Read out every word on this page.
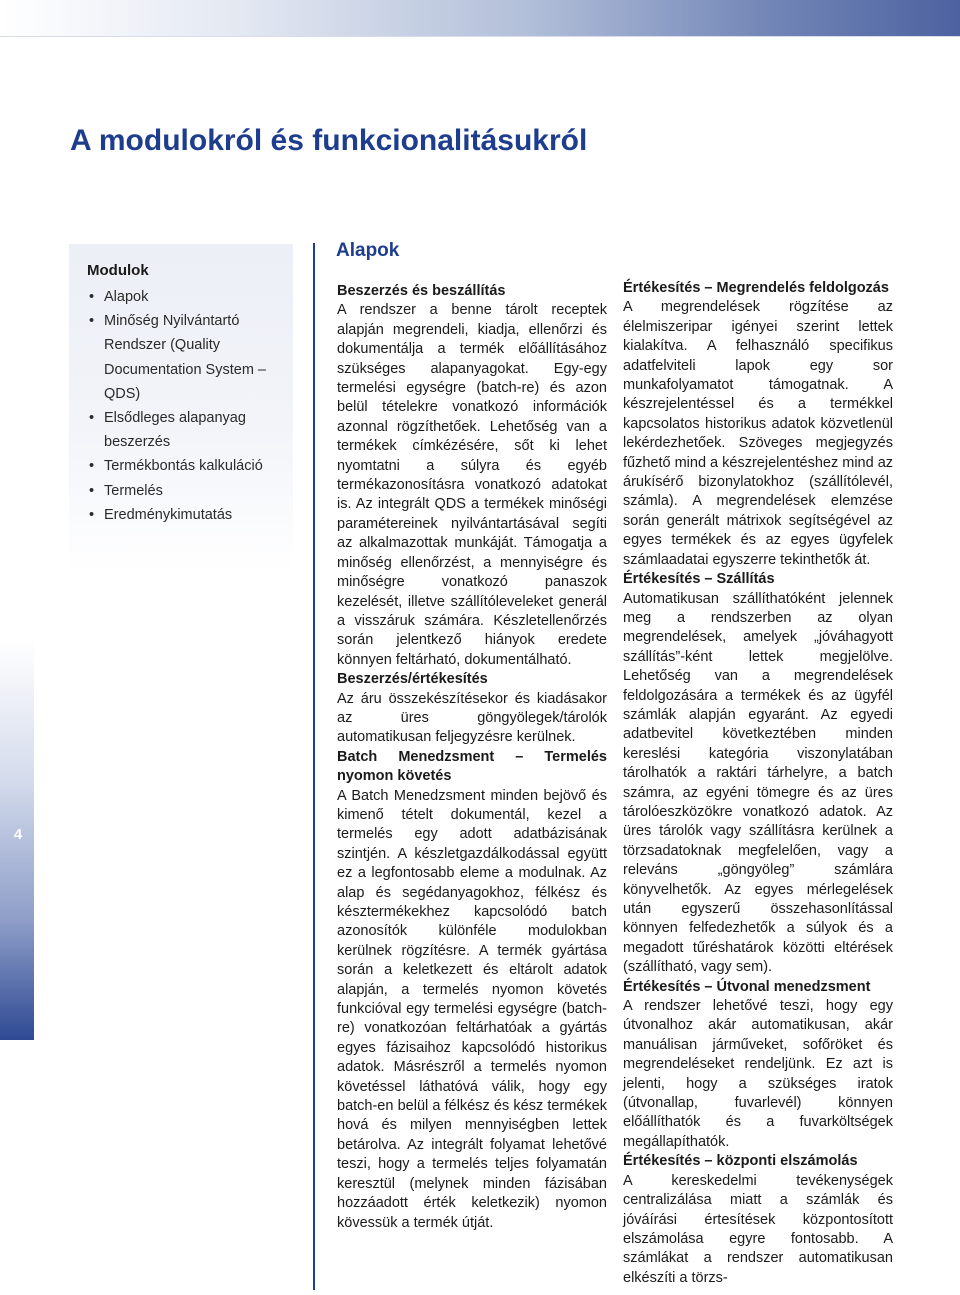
A modulokról és funkcionalitásukról
4
Modulok
• Alapok
• Minőség Nyilvántartó Rendszer (Quality Documentation System – QDS)
• Elsődleges alapanyag beszerzés
• Termékbontás kalkuláció
• Termelés
• Eredménykimutatás
Alapok

Beszerzés és beszállítás

A rendszer a benne tárolt receptek alapján megrendeli, kiadja, ellenőrzi és dokumentálja a termék előállításához szükséges alapanyagokat. Egy-egy termelési egységre (batch-re) és azon belül tételekre vonatkozó információk azonnal rögzíthetőek. Lehetőség van a termékek címkézésére, sőt ki lehet nyomtatni a súlyra és egyéb termékazonosításra vonatkozó adatokat is. Az integrált QDS a termékek minőségi paramétereinek nyilvántartásával segíti az alkalmazottak munkáját. Támogatja a minőség ellenőrzést, a mennyiségre és minőségre vonatkozó panaszok kezelését, illetve szállítóleveleket generál a visszáruk számára. Készletellenőrzés során jelentkező hiányok eredete könnyen feltárható, dokumentálható.

Beszerzés/értékesítés

Az áru összekészítésekor és kiadásakor az üres göngyölegek/tárolók automatikusan feljegyzésre kerülnek.

Batch Menedzsment – Termelés nyomon követés

A Batch Menedzsment minden bejövő és kimenő tételt dokumentál, kezel a termelés egy adott adatbázisának szintjén. A készletgazdálkodással együtt ez a legfontosabb eleme a modulnak. Az alap és segédanyagokhoz, félkész és késztermékekhez kapcsolódó batch azonosítók különféle modulokban kerülnek rögzítésre. A termék gyártása során a keletkezett és eltárolt adatok alapján, a termelés nyomon követés funkcióval egy termelési egységre (batch-re) vonatkozóan feltárhatóak a gyártás egyes fázisaihoz kapcsolódó historikus adatok. Másrészről a termelés nyomon követéssel láthatóvá válik, hogy egy batch-en belül a félkész és kész termékek hová és milyen mennyiségben lettek betárolva. Az integrált folyamat lehetővé teszi, hogy a termelés teljes folyamatán keresztül (melynek minden fázisában hozzáadott érték keletkezik) nyomon kövessük a termék útját.

Értékesítés – Megrendelés feldolgozás

A megrendelések rögzítése az élelmiszeripar igényei szerint lettek kialakítva. A felhasználó specifikus adatfelviteli lapok egy sor munkafolyamatot támogatnak. A készrejelentéssel és a termékkel kapcsolatos historikus adatok közvetlenül lekérdezhetőek. Szöveges megjegyzés fűzhető mind a készrejelentéshez mind az árukísérő bizonylatokhoz (szállítólevél, számla). A megrendelések elemzése során generált mátrixok segítségével az egyes termékek és az egyes ügyfelek számlaadatai egyszerre tekinthetők át.

Értékesítés – Szállítás

Automatikusan szállíthatóként jelennek meg a rendszerben az olyan megrendelések, amelyek „jóváhagyott szállítás”-ként lettek megjelölve. Lehetőség van a megrendelések feldolgozására a termékek és az ügyfél számlák alapján egyaránt. Az egyedi adatbevitel következtében minden kereslési kategória viszonylatában tárolhatók a raktári tárhelyre, a batch számra, az egyéni tömegre és az üres tárolóeszközökre vonatkozó adatok. Az üres tárolók vagy szállításra kerülnek a törzsadatoknak megfelelően, vagy a releváns „göngyöleg” számlára könyvelhetők. Az egyes mérlegelések után egyszerű összehasonlítással könnyen felfedezhetők a súlyok és a megadott tűréshatárok közötti eltérések (szállítható, vagy sem).

Értékesítés – Útvonal menedzsment

A rendszer lehetővé teszi, hogy egy útvonalhoz akár automatikusan, akár manuálisan járműveket, sofőröket és megrendeléseket rendeljünk. Ez azt is jelenti, hogy a szükséges iratok (útvonallap, fuvarlevél) könnyen előállíthatók és a fuvarköltségek megállapíthatók.

Értékesítés – központi elszámolás

A kereskedelmi tevékenységek centralizálása miatt a számlák és jóváírási értesítések központosított elszámolása egyre fontosabb. A számlákat a rendszer automatikusan elkészíti a törzs-
